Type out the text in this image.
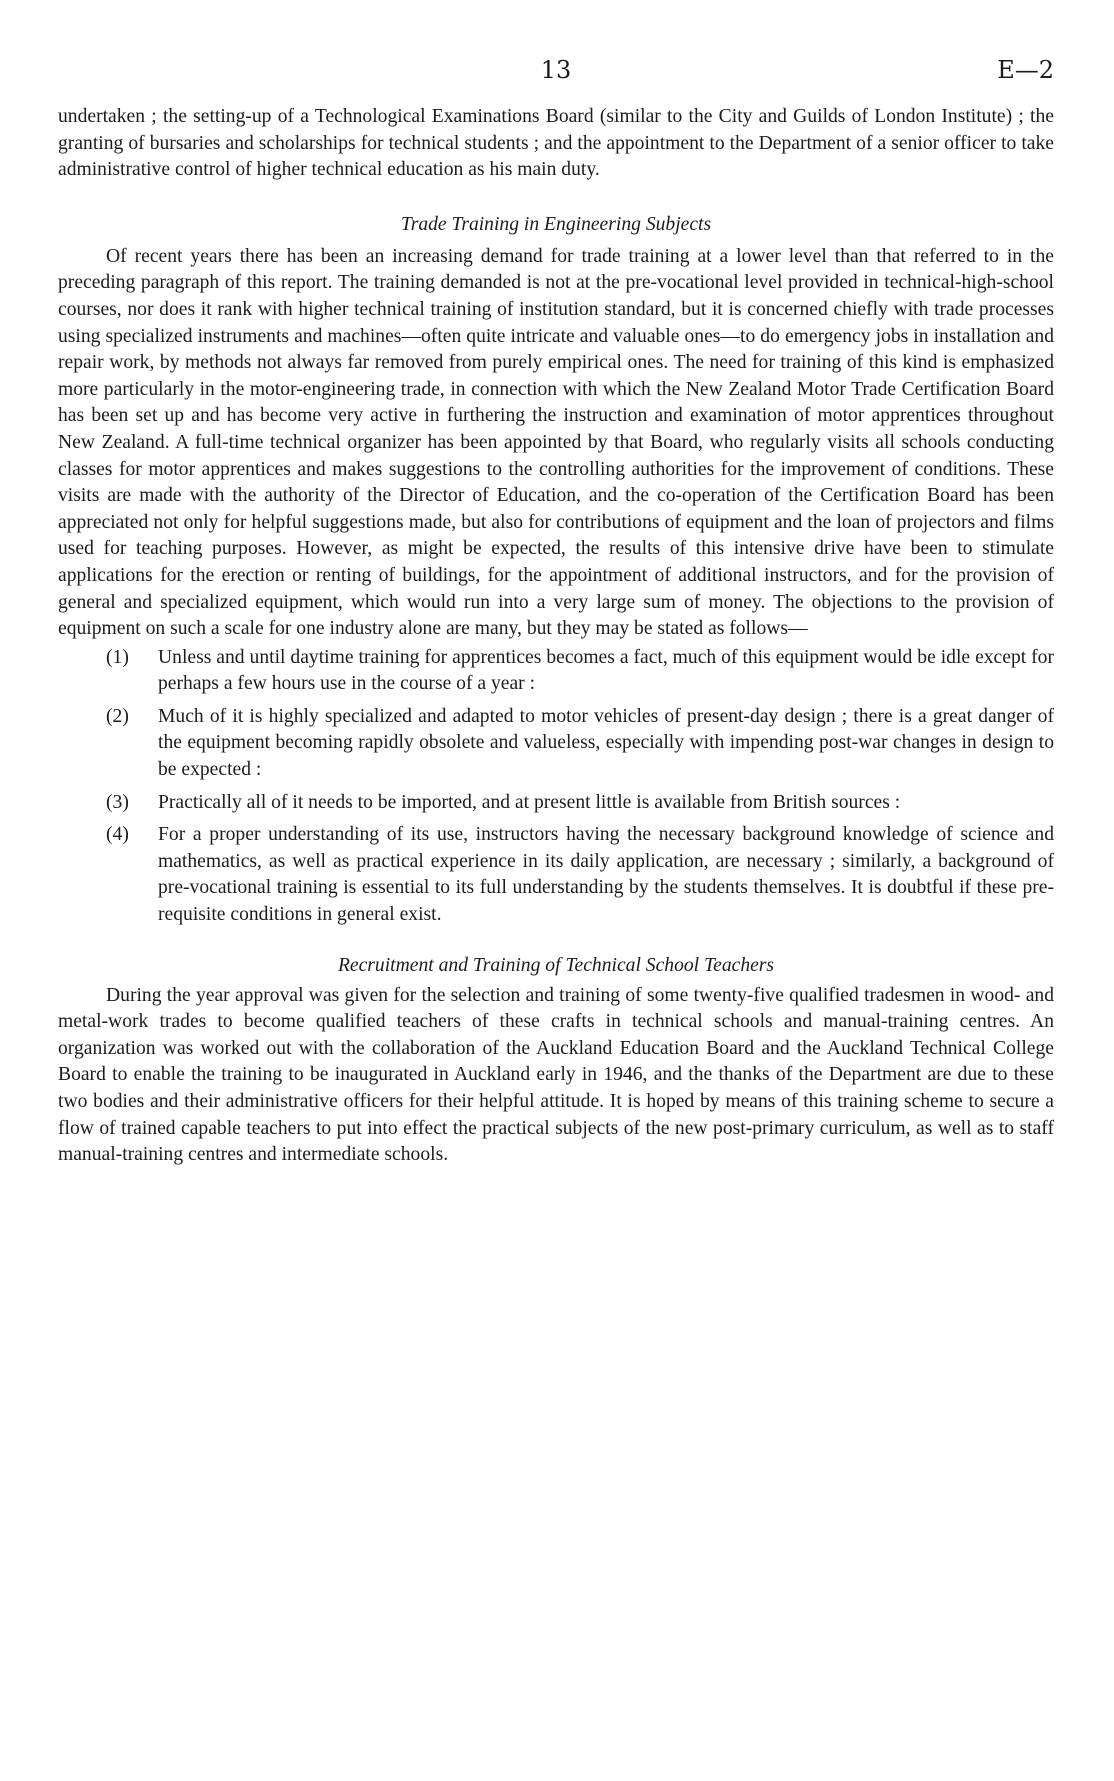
13	E—2

undertaken ; the setting-up of a Technological Examinations Board (similar to the City and Guilds of London Institute) ; the granting of bursaries and scholarships for technical students ; and the appointment to the Department of a senior officer to take administrative control of higher technical education as his main duty.

Trade Training in Engineering Subjects

Of recent years there has been an increasing demand for trade training at a lower level than that referred to in the preceding paragraph of this report. The training demanded is not at the pre-vocational level provided in technical-high-school courses, nor does it rank with higher technical training of institution standard, but it is concerned chiefly with trade processes using specialized instruments and machines—often quite intricate and valuable ones—to do emergency jobs in installation and repair work, by methods not always far removed from purely empirical ones. The need for training of this kind is emphasized more particularly in the motor-engineering trade, in connection with which the New Zealand Motor Trade Certification Board has been set up and has become very active in furthering the instruction and examination of motor apprentices throughout New Zealand. A full-time technical organizer has been appointed by that Board, who regularly visits all schools conducting classes for motor apprentices and makes suggestions to the controlling authorities for the improvement of conditions. These visits are made with the authority of the Director of Education, and the co-operation of the Certification Board has been appreciated not only for helpful suggestions made, but also for contributions of equipment and the loan of projectors and films used for teaching purposes. However, as might be expected, the results of this intensive drive have been to stimulate applications for the erection or renting of buildings, for the appointment of additional instructors, and for the provision of general and specialized equipment, which would run into a very large sum of money. The objections to the provision of equipment on such a scale for one industry alone are many, but they may be stated as follows—

(1)	Unless and until daytime training for apprentices becomes a fact, much of this equipment would be idle except for perhaps a few hours use in the course of a year :
(2)	Much of it is highly specialized and adapted to motor vehicles of present-day design ; there is a great danger of the equipment becoming rapidly obsolete and valueless, especially with impending post-war changes in design to be expected :
(3)	Practically all of it needs to be imported, and at present little is available from British sources :
(4)	For a proper understanding of its use, instructors having the necessary background knowledge of science and mathematics, as well as practical experience in its daily application, are necessary ; similarly, a background of pre-vocational training is essential to its full understanding by the students themselves. It is doubtful if these pre-requisite conditions in general exist.
Recruitment and Training of Technical School Teachers

During the year approval was given for the selection and training of some twenty-five qualified tradesmen in wood- and metal-work trades to become qualified teachers of these crafts in technical schools and manual-training centres. An organization was worked out with the collaboration of the Auckland Education Board and the Auckland Technical College Board to enable the training to be inaugurated in Auckland early in 1946, and the thanks of the Department are due to these two bodies and their administrative officers for their helpful attitude. It is hoped by means of this training scheme to secure a flow of trained capable teachers to put into effect the practical subjects of the new post-primary curriculum, as well as to staff manual-training centres and intermediate schools.
